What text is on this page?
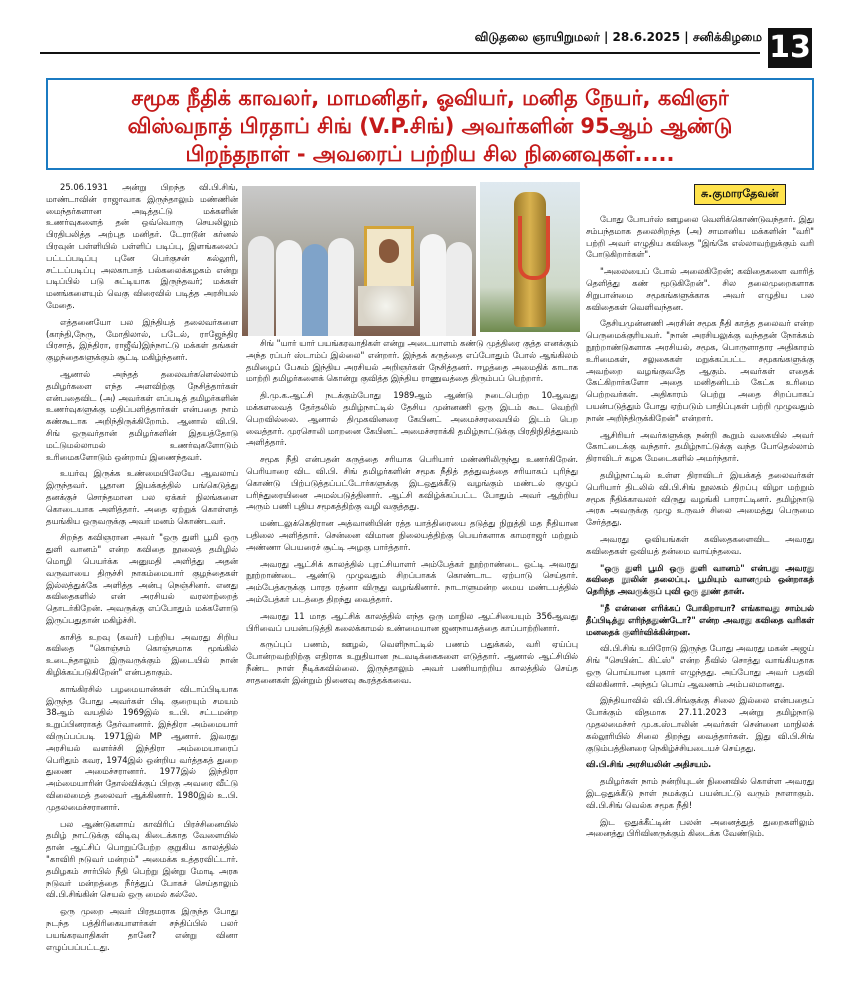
விடுதலை ஞாயிறுமலர் | 28.6.2025 | சனிக்கிழமை 13
சமூக நீதிக் காவலர், மாமனிதர், ஓவியர், மனித நேயர், கவிஞர்
விஸ்வநாத் பிரதாப் சிங் (V.P.சிங்) அவர்களின் 95ஆம் ஆண்டு
பிறந்தநாள் - அவரைப் பற்றிய சில நினைவுகள்.....

25.06.1931 அன்று பிறந்த வி.பி.சிங், மாண்டாவின் ராஜாவாக இருந்தாலும் மண்ணின் மைந்தர்களான அடித்தட்டு மக்களின் உணர்வுகளைத் தன் ஒவ்வொரு செயலிலும் பிரதிபலித்த அற்புத மனிதர். டேராடூன் கர்னல் பிரவுன் பள்ளியில் பள்ளிப் படிப்பு, இளங்கலைப் பட்டப்படிப்பு புனே பெர்குசன் கல்லூரி, சட்டப்படிப்பு அலகாபாத் பல்கலைக்கழகம் என்று படிப்பில் படு சுட்டியாக இருந்தவர்; மக்கள் மனங்களையும் வெகு விரைவில் படித்த அரசியல் மேதை.

எத்தனையோ பல இந்தியத் தலைவர்களை (காந்தி,நேரு, மோதிலால், படேல், ராஜேந்திர பிரசாத், இந்திரா, ராஜீவ்)இந்நாட்டு மக்கள் தங்கள் குழந்தைகளுக்கும் சூட்டி மகிழ்ந்தனர்.

ஆனால் அந்தத் தலைவர்களெல்லாம் தமிழர்களை எந்த அளவிற்கு நேசித்தார்கள் என்பதைவிட (அ) அவர்கள் எப்படித் தமிழர்களின் உணர்வுகளுக்கு மதிப்பளித்தார்கள் என்பதை நாம் கண்கூடாக அறிந்திருக்கிறோம். ஆனால் வி.பி. சிங் ஒருவர்தான் தமிழர்களின் இதயத்தோடு மட்டுமல்லாமல் உணர்வுகளோடும் உரிமைகளோடும் ஒன்றாய் இணைந்தவர்.

உயர்வு இருக்க உண்மையிலேயே ஆவலாய் இருந்தவர். பூதான இயக்கத்தில் பங்கெடுத்து தனக்குச் சொந்தமான பல ஏக்கர் நிலங்களை கொடையாக அளித்தார். அதை ஏற்றுக் கொள்ளத் தயங்கிய ஒருவருக்கு அவர் மனம் கொண்டவர்.

சிறந்த கவிஞரான அவர் "ஒரு துளி பூமி ஒரு துளி வானம்" என்ற கவிதை நூலைத் தமிழில் மொழி பெயர்க்க அனுமதி அளித்து அதன் வருவாயை திருச்சி நாகம்மையார் குழந்தைகள் இல்லத்துக்கே அளித்த அன்பு நெஞ்சினர். எனது கவிதைகளில் என் அரசியல் வரலாற்றைத் தொடர்கிறேன். அவருக்கு எப்போதும் மக்களோடு இருப்பதுதான் மகிழ்ச்சி.

காசித் உறவு (கவர்) பற்றிய அவரது சிறிய கவிதை "கொஞ்சம் கொஞ்சமாக மூங்கில் உடைந்தாலும் இருவருக்கும் இடையில் நான் கிழிக்கப்படுகிறேன்" என்பதாகும்.

காங்கிரசில் பழமையான்கள் விடாப்பிடியாக இருந்த போது அவர்கள் பிடி குறையும் சமயம் 38ஆம் வயதில் 1969இல் உ.பி. சட்டமன்ற உறுப்பினராகத் தேர்வானார். இந்திரா அம்மையார் விருப்பப்படி 1971இல் MP ஆனார். இவரது அரசியல் வளர்ச்சி இந்திரா அம்மையாரைப் பெரிதும் கவர, 1974இல் ஒன்றிய வர்த்தகத் துறை துணை அமைச்சரானார். 1977இல் இந்திரா அம்மையாரின் தோல்விக்குப் பிறகு அவரை வீட்டு விலைமைத் தலைவர் ஆக்கினார். 1980இல் உ.பி. முதலமைச்சரானார்.

பல ஆண்டுகளாய் காவிரிப் பிரச்சினையில் தமிழ் நாட்டுக்கு விடிவு கிடைக்காத வேளையில் தான் ஆட்சிப் பொறுப்பேற்ற குறுகிய காலத்தில் "காவிரி நடுவர் மன்றம்" அமைக்க உத்தரவிட்டார். தமிழகம் சார்பில் நீதி பெற்று இன்று மோடி அரசு நடுவர் மன்றத்தை நீர்த்துப் போகச் செய்தாலும் வி.பி.சிங்கின் செயல் ஒரு மைல் கல்லே.

ஒரு முறை அவர் பிரதமராக இருந்த போது நடந்த பத்திரிகையாளர்கள் சந்திப்பில் பலர் பயங்கரவாதிகள் தானே? என்று வினா எழுப்பப்பட்டது.

சு.குமாரதேவன்

சிங் "யார் யார் பயங்கரவாதிகள் என்று அடையாளம் கண்டு முத்திரை குத்த எனக்கும் அந்த ரப்பர் ஸ்டாம்ப் இல்லை" என்றார். இந்தக் கருத்தை எப்போதும் போல் ஆங்கிலம் தமிழைப் பேசும் இந்திய அரசியல் அறிஞர்கள் நேசித்தனர். ஈழத்தை அமைதிக் காடாக மாற்றி தமிழர்களைக் கொன்று குவித்த இந்திய ராணுவத்தை திரும்பப் பெற்றார்.

தி.மு.க.ஆட்சி நடக்கும்போது 1989ஆம் ஆண்டு நடைபெற்ற 10ஆவது மக்களவைத் தேர்தலில் தமிழ்நாட்டில் தேசிய முன்னணி ஒரு இடம் கூட வெற்றி பெறவில்லை. ஆனால் திமுகவினரை கேபினட் அமைச்சரவையில் இடம் பெற வைத்தார். முரசொலி மாறனை கேபினட் அமைச்சராக்கி தமிழ்நாட்டுக்கு பிரதிநிதித்துவம் அளித்தார்.

சமூக நீதி என்பதன் கருத்தை சரியாக பெரியார் மண்ணிலிருந்து உணர்கிறேன். பெரியாரை விட வி.பி. சிங் தமிழர்களின் சமூக நீதித் தத்துவத்தை சரியாகப் புரிந்து கொண்டு பிற்படுத்தப்பட்டோர்களுக்கு இடஒதுக்கீடு வழங்கும் மண்டல் குழுப் பரிந்துரையினை அமல்படுத்தினார். ஆட்சி கவிழ்க்கப்பட்ட போதும் அவர் ஆற்றிய அரும் பணி புதிய சமூகத்திற்கு வழி வகுத்தது.

மண்டலுக்கெதிரான அத்வானியின் ரத்த யாத்திரையை தடுத்து நிறுத்தி மத நீதியான பதிலை அளித்தார். சென்னை விமான நிலையத்திற்கு பெயர்களாக காமராஜர் மற்றும் அண்ணா பெயரைச் சூட்டி அழகு பார்த்தார்.

அவரது ஆட்சிக் காலத்தில் புரட்சியாளர் அம்பேத்கர் நூற்றாண்டை ஒட்டி அவரது நூற்றாண்டை ஆண்டு முழுவதும் சிறப்பாகக் கொண்டாட ஏற்பாடு செய்தார். அம்பேத்கருக்கு பாரத ரத்னா விருது வழங்கினார். நாடாளுமன்ற மைய மண்டபத்தில் அம்பேத்கர் படத்தை திறந்து வைத்தார்.

அவரது 11 மாத ஆட்சிக் காலத்தில் எந்த ஒரு மாநில ஆட்சியையும் 356ஆவது பிரிவைப் பயன்படுத்தி கலைக்காமல் உண்மையான ஜனநாயகத்தை காப்பாற்றினார்.

கருப்புப் பணம், ஊழல், வெளிநாட்டில் பணம் பதுக்கல், வரி ஏய்ப்பு போன்றவற்றிற்கு எதிராக உறுதியான நடவடிக்கைகளை எடுத்தார். ஆனால் ஆட்சியில் நீண்ட நாள் நீடிக்கவில்லை. இருந்தாலும் அவர் பணியாற்றிய காலத்தில் செய்த சாதனைகள் இன்றும் நினைவு கூரத்தக்கவை.

போது போபர்ஸ் ஊழலை வெளிக்கொண்டுவந்தார். இது சம்பந்தமாக தலைசிறந்த (அ) சாமானிய மக்களின் "வரி" பற்றி அவர் எழுதிய கவிதை "இங்கே எல்லாவற்றுக்கும் வரி போடுகிறார்கள்".

"அலையைப் போல் அலைகிறேன்; கவிதைகளை வாரித் தெளித்து கண் மூடுகிறேன்". சில தலைமுறைகளாக சிறுபான்மை சமூகங்களுக்காக அவர் எழுதிய பல கவிதைகள் வெளிவந்தன.

தேசியமுன்னணி அரசின் சமூக நீதி காத்த தலைவர் என்ற பெருமைக்குரியவர். "நான் அரசியலுக்கு வந்ததன் நோக்கம் நூற்றாண்டுகளாக அரசியல், சமூக, பொருளாதார அதிகாரம் உரிமைகள், சலுகைகள் மறுக்கப்பட்ட சமூகங்களுக்கு அவற்றை வழங்குவதே ஆகும். அவர்கள் எதைக் கேட்கிறார்களோ அதை மனிதனிடம் கேட்க உரிமை பெற்றவர்கள். அதிகாரம் பெற்று அதை சிறப்பாகப் பயன்படுத்தும் போது ஏற்படும் பாதிப்புகள் பற்றி முழுவதும் நான் அறிந்திருக்கிறேன்" என்றார்.

ஆசிரியர் அவர்களுக்கு நன்றி கூறும் வகையில் அவர் கோட்டைக்கு வந்தார். தமிழ்நாட்டுக்கு வந்த போதெல்லாம் திராவிடர் கழக மேடைகளில் அமர்ந்தார்.

தமிழ்நாட்டில் உள்ள திராவிடர் இயக்கத் தலைவர்கள் பெரியார் திடலில் வி.பி.சிங் நூலகம் திறப்பு விழா மற்றும் சமூக நீதிக்காவலர் விருது வழங்கி பாராட்டினர். தமிழ்நாடு அரசு அவருக்கு முழு உருவச் சிலை அமைத்து பெருமை சேர்த்தது.

அவரது ஓவியங்கள் கவிதைகளைவிட அவரது கவிதைகள் ஒவியத் தன்மை வாய்ந்தவை.

"ஒரு துளி பூமி ஒரு துளி வானம்" என்பது அவரது கவிதை நூலின் தலைப்பு. பூமியும் வானமும் ஒன்றாகத் தெரிந்த அவருக்குப் புவி ஒரு தூண் தான்.

"நீ என்னை எரிக்கப் போகிறாயா? எங்காவது சாம்பல் தீப்பிடித்து எரிந்ததுண்டோ?" என்ற அவரது கவிதை வரிகள் மனதைக் குளிர்விக்கின்றன.

வி.பி.சிங் உயிரோடு இருந்த போது அவரது மகன் அஜய் சிங் "செயின்ட் கிட்ஸ்" என்ற தீவில் சொத்து வாங்கியதாக ஒரு பொய்யான புகார் எழுந்தது. அப்போது அவர் பதவி விலகினார். அந்தப் பொய் ஆவணம் அம்பலமானது.

இந்தியாவில் வி.பி.சிங்குக்கு சிலை இல்லை என்பதைப் போக்கும் விதமாக 27.11.2023 அன்று தமிழ்நாடு முதலமைச்சர் மு.க.ஸ்டாலின் அவர்கள் சென்னை மாநிலக் கல்லூரியில் சிலை திறந்து வைத்தார்கள். இது வி.பி.சிங் குடும்பத்தினரை நெகிழ்ச்சியடையச் செய்தது.

வி.பி.சிங் அரசியலின் அதிசயம்.

தமிழர்கள் நாம் நன்றியுடன் நினைவில் கொள்ள அவரது இடஒதுக்கீடு நாள் நமக்குப் பயன்பட்டு வரும் நாளாகும். வி.பி.சிங் வெல்க சமூக நீதி!

இட ஒதுக்கீட்டின் பலன் அனைத்துத் துறைகளிலும் அனைத்து பிரிவினருக்கும் கிடைக்க வேண்டும்.
